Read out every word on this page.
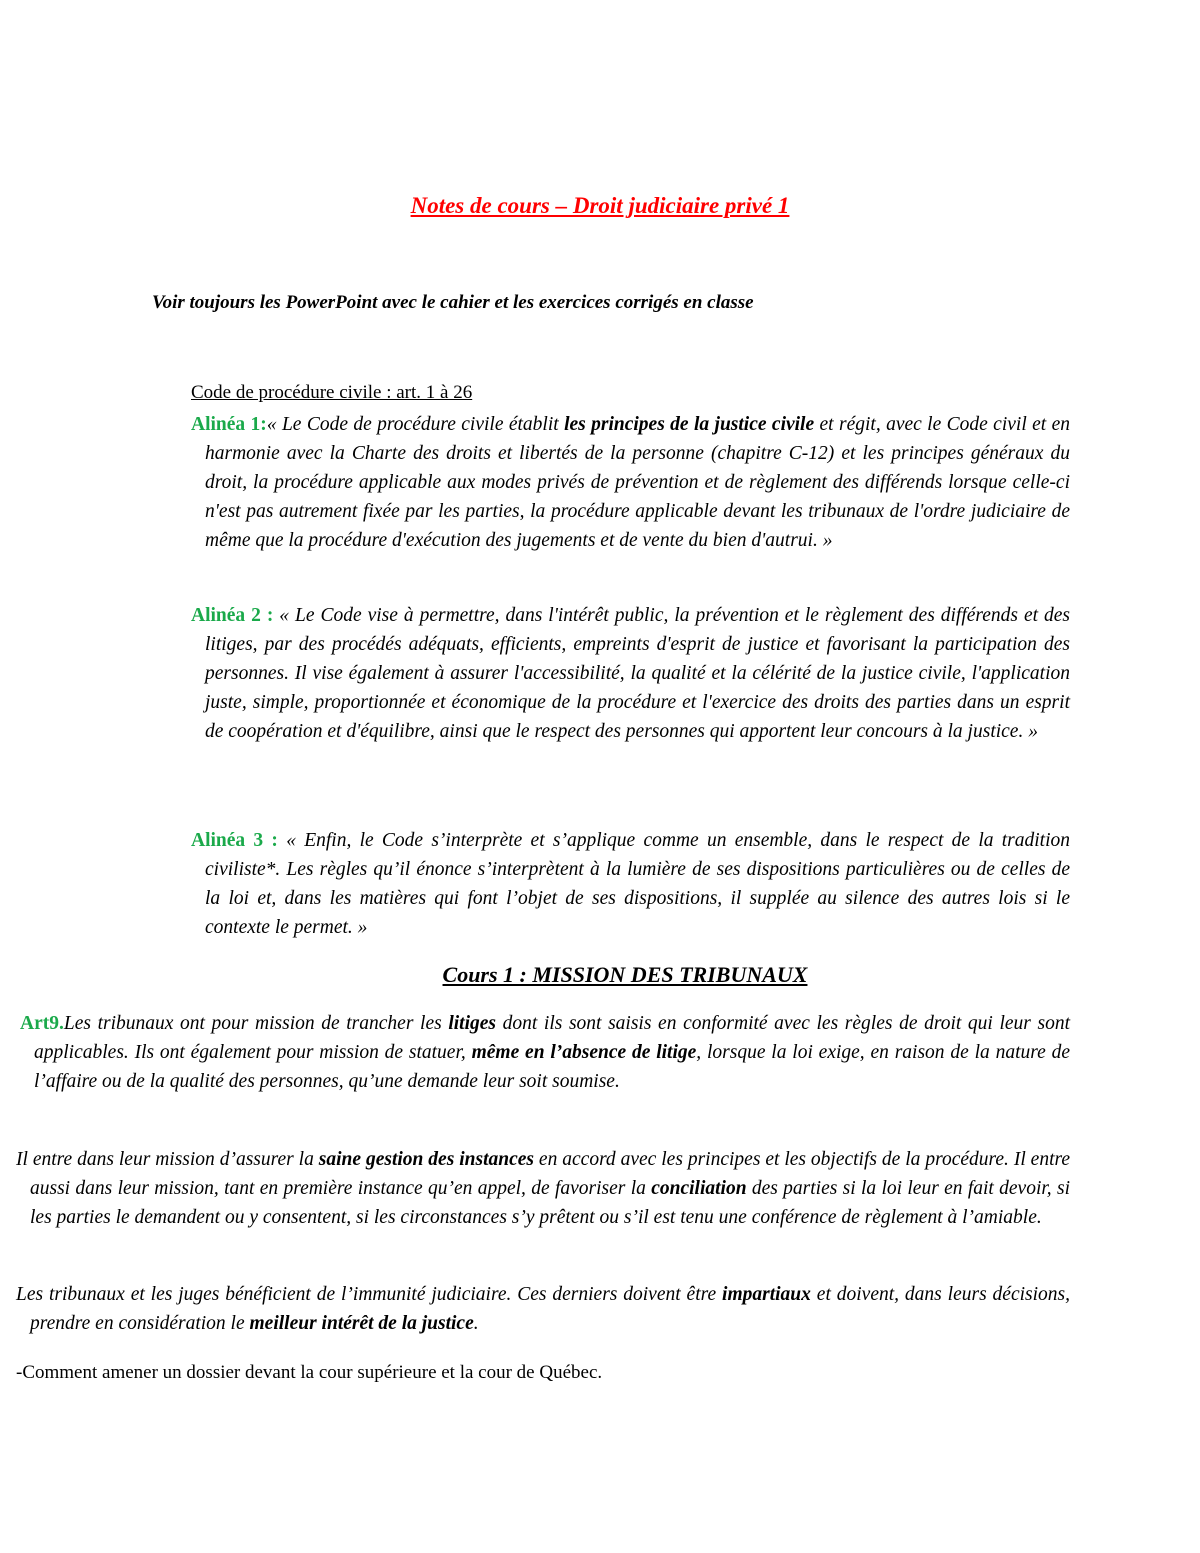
Notes de cours – Droit judiciaire privé 1
Voir toujours les PowerPoint avec le cahier et les exercices corrigés en classe
Code de procédure civile : art. 1 à 26
Alinéa 1:« Le Code de procédure civile établit les principes de la justice civile et régit, avec le Code civil et en harmonie avec la Charte des droits et libertés de la personne (chapitre C-12) et les principes généraux du droit, la procédure applicable aux modes privés de prévention et de règlement des différends lorsque celle-ci n'est pas autrement fixée par les parties, la procédure applicable devant les tribunaux de l'ordre judiciaire de même que la procédure d'exécution des jugements et de vente du bien d'autrui. »
Alinéa 2 : « Le Code vise à permettre, dans l'intérêt public, la prévention et le règlement des différends et des litiges, par des procédés adéquats, efficients, empreints d'esprit de justice et favorisant la participation des personnes. Il vise également à assurer l'accessibilité, la qualité et la célérité de la justice civile, l'application juste, simple, proportionnée et économique de la procédure et l'exercice des droits des parties dans un esprit de coopération et d'équilibre, ainsi que le respect des personnes qui apportent leur concours à la justice. »
Alinéa 3 : « Enfin, le Code s’interprète et s’applique comme un ensemble, dans le respect de la tradition civiliste*. Les règles qu’il énonce s’interprètent à la lumière de ses dispositions particulières ou de celles de la loi et, dans les matières qui font l’objet de ses dispositions, il supplée au silence des autres lois si le contexte le permet. »
Cours 1 : MISSION DES TRIBUNAUX
Art9.Les tribunaux ont pour mission de trancher les litiges dont ils sont saisis en conformité avec les règles de droit qui leur sont applicables. Ils ont également pour mission de statuer, même en l’absence de litige, lorsque la loi exige, en raison de la nature de l’affaire ou de la qualité des personnes, qu’une demande leur soit soumise.
Il entre dans leur mission d’assurer la saine gestion des instances en accord avec les principes et les objectifs de la procédure. Il entre aussi dans leur mission, tant en première instance qu’en appel, de favoriser la conciliation des parties si la loi leur en fait devoir, si les parties le demandent ou y consentent, si les circonstances s’y prêtent ou s’il est tenu une conférence de règlement à l’amiable.
Les tribunaux et les juges bénéficient de l’immunité judiciaire. Ces derniers doivent être impartiaux et doivent, dans leurs décisions, prendre en considération le meilleur intérêt de la justice.
-Comment amener un dossier devant la cour supérieure et la cour de Québec.
